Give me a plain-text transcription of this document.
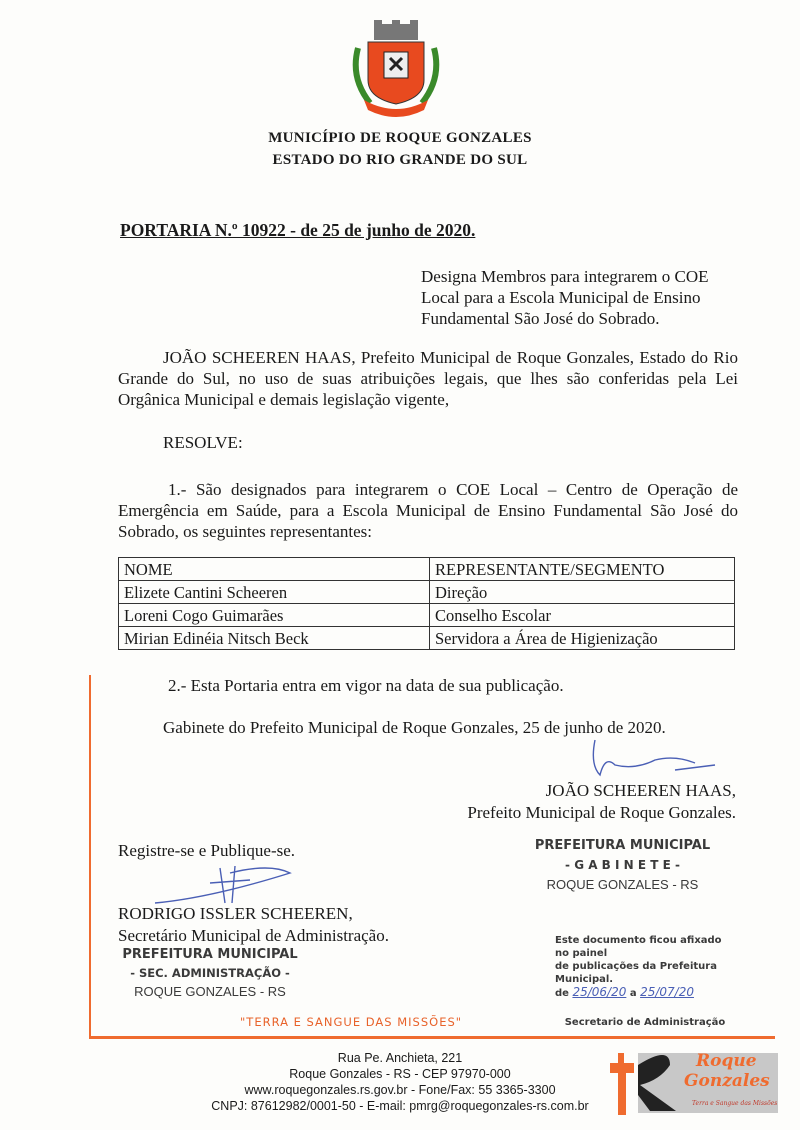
MUNICÍPIO DE ROQUE GONZALES
ESTADO DO RIO GRANDE DO SUL
PORTARIA N.º 10922 - de 25 de junho de 2020.
Designa Membros para integrarem o COE Local para a Escola Municipal de Ensino Fundamental São José do Sobrado.
JOÃO SCHEEREN HAAS, Prefeito Municipal de Roque Gonzales, Estado do Rio Grande do Sul, no uso de suas atribuições legais, que lhes são conferidas pela Lei Orgânica Municipal e demais legislação vigente,
RESOLVE:
1.- São designados para integrarem o COE Local – Centro de Operação de Emergência em Saúde, para a Escola Municipal de Ensino Fundamental São José do Sobrado, os seguintes representantes:
NOME	REPRESENTANTE/SEGMENTO
Elizete Cantini Scheeren	Direção
Loreni Cogo Guimarães	Conselho Escolar
Mirian Edinéia Nitsch Beck	Servidora a Área de Higienização
2.- Esta Portaria entra em vigor na data de sua publicação.
Gabinete do Prefeito Municipal de Roque Gonzales, 25 de junho de 2020.
JOÃO SCHEEREN HAAS,
Prefeito Municipal de Roque Gonzales.
Registre-se e Publique-se.
RODRIGO ISSLER SCHEEREN,
Secretário Municipal de Administração.
PREFEITURA MUNICIPAL
- SEC. ADMINISTRAÇÃO -
ROQUE GONZALES - RS
PREFEITURA MUNICIPAL
- G A B I N E T E -
ROQUE GONZALES - RS
Este documento ficou afixado no painel
de publicações da Prefeitura Municipal.
de 25/06/20 a 25/07/20
Secretario de Administração
"TERRA E SANGUE DAS MISSÕES"
Rua Pe. Anchieta, 221
Roque Gonzales - RS - CEP 97970-000
www.roquegonzales.rs.gov.br - Fone/Fax: 55 3365-3300
CNPJ: 87612982/0001-50 - E-mail: pmrg@roquegonzales-rs.com.br
Roque
Gonzales
Terra e Sangue das Missões
